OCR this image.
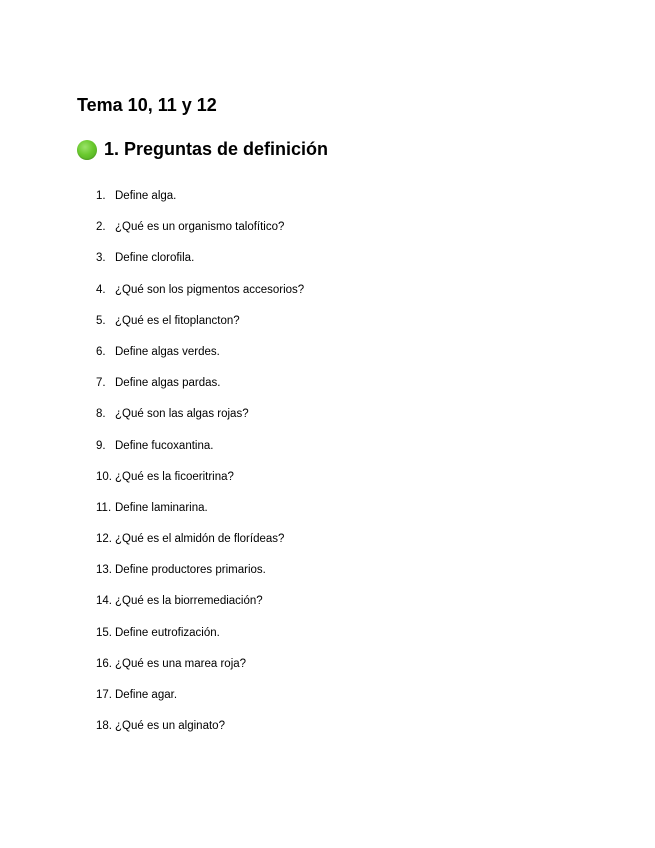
Tema 10, 11 y 12
1. Preguntas de definición
1. Define alga.
2. ¿Qué es un organismo talofítico?
3. Define clorofila.
4. ¿Qué son los pigmentos accesorios?
5. ¿Qué es el fitoplancton?
6. Define algas verdes.
7. Define algas pardas.
8. ¿Qué son las algas rojas?
9. Define fucoxantina.
10. ¿Qué es la ficoeritrina?
11. Define laminarina.
12. ¿Qué es el almidón de florídeas?
13. Define productores primarios.
14. ¿Qué es la biorremediación?
15. Define eutrofización.
16. ¿Qué es una marea roja?
17. Define agar.
18. ¿Qué es un alginato?
